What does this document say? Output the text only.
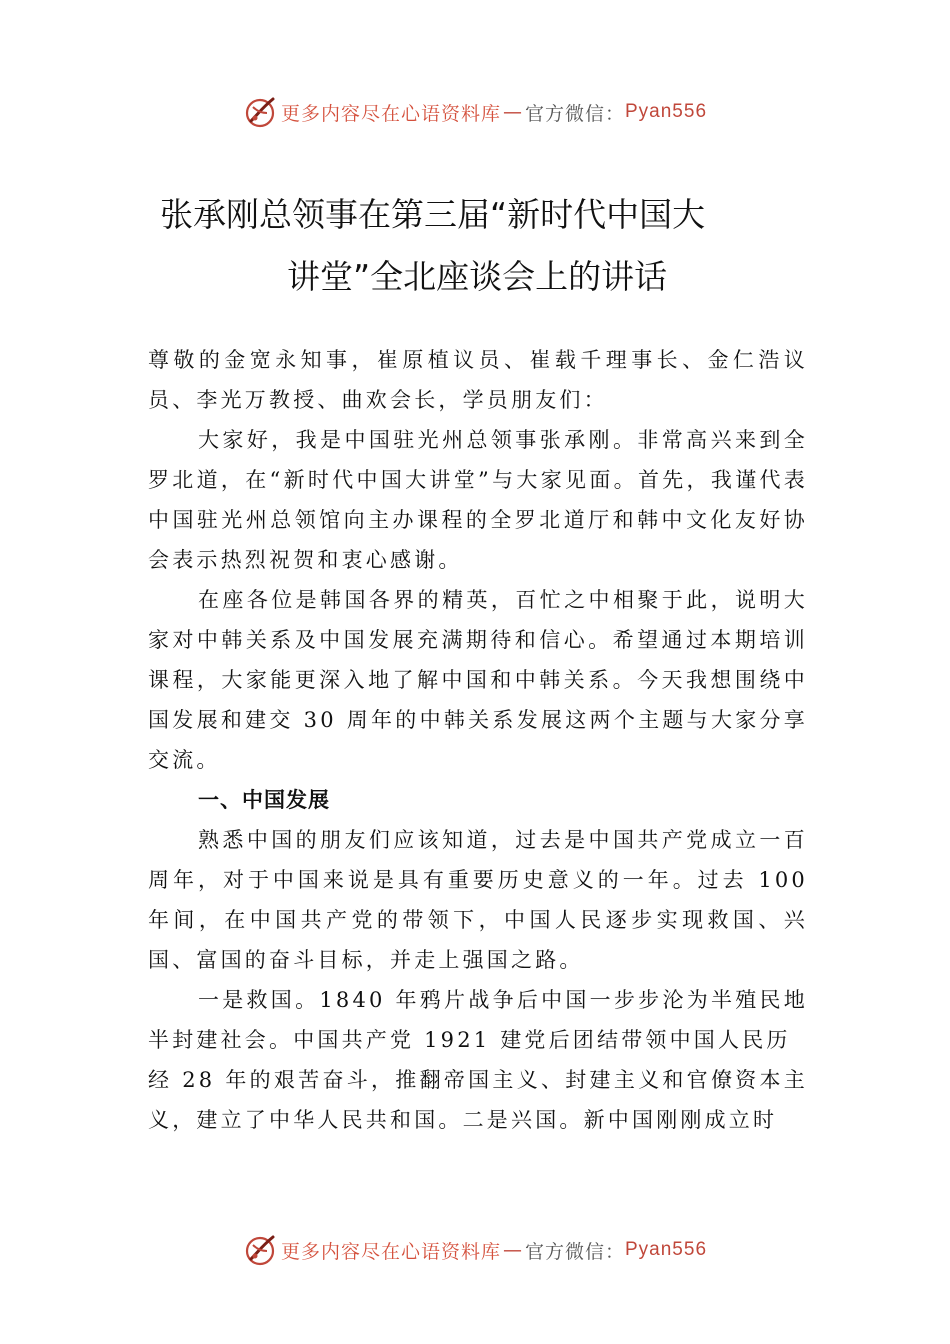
更多内容尽在心语资料库 — 官方微信： Pyan556
张承刚总领事在第三届“新时代中国大
讲堂”全北座谈会上的讲话

尊敬的金宽永知事，崔原植议员、崔载千理事长、金仁浩议员、李光万教授、曲欢会长，学员朋友们：

大家好，我是中国驻光州总领事张承刚。非常高兴来到全罗北道，在“新时代中国大讲堂”与大家见面。首先，我谨代表中国驻光州总领馆向主办课程的全罗北道厅和韩中文化友好协会表示热烈祝贺和衷心感谢。

在座各位是韩国各界的精英，百忙之中相聚于此，说明大家对中韩关系及中国发展充满期待和信心。希望通过本期培训课程，大家能更深入地了解中国和中韩关系。今天我想围绕中国发展和建交 30 周年的中韩关系发展这两个主题与大家分享交流。

一、中国发展

熟悉中国的朋友们应该知道，过去是中国共产党成立一百周年，对于中国来说是具有重要历史意义的一年。过去 100 年间，在中国共产党的带领下，中国人民逐步实现救国、兴 国、富国的奋斗目标，并走上强国之路。

一是救国。1840 年鸦片战争后中国一步步沦为半殖民地半封建社会。中国共产党 1921 建党后团结带领中国人民历

经 28 年的艰苦奋斗，推翻帝国主义、封建主义和官僚资本主义，建立了中华人民共和国。二是兴国。新中国刚刚成立时

更多内容尽在心语资料库 — 官方微信： Pyan556
